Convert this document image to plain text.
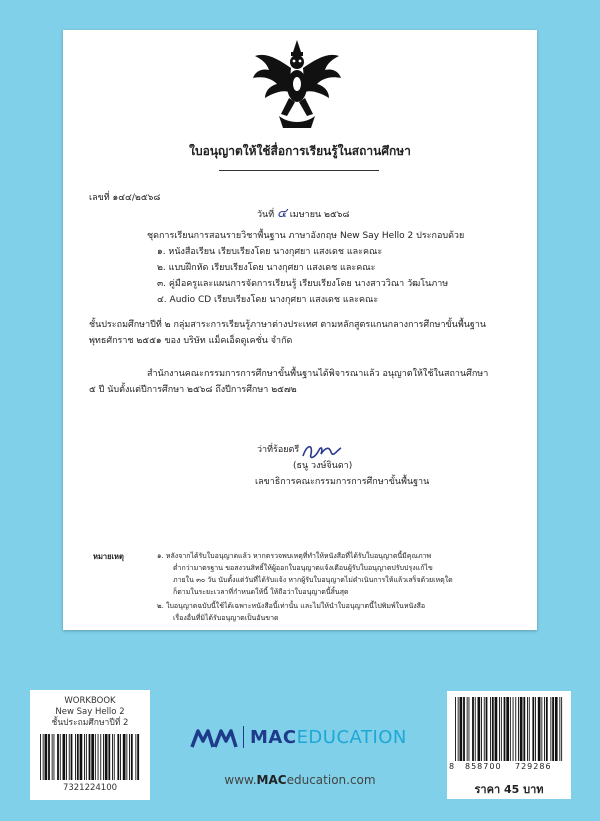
ใบอนุญาตให้ใช้สื่อการเรียนรู้ในสถานศึกษา
เลขที่ ๑๔๔/๒๕๖๘
วันที่ ๔ เมษายน ๒๕๖๘
ชุดการเรียนการสอนรายวิชาพื้นฐาน ภาษาอังกฤษ New Say Hello 2 ประกอบด้วย
๑. หนังสือเรียน เรียบเรียงโดย นางกุศยา แสงเดช และคณะ
๒. แบบฝึกหัด เรียบเรียงโดย นางกุศยา แสงเดช และคณะ
๓. คู่มือครูและแผนการจัดการเรียนรู้ เรียบเรียงโดย นางสาววิณา วัฒโนภาษ
๔. Audio CD เรียบเรียงโดย นางกุศยา แสงเดช และคณะ
ชั้นประถมศึกษาปีที่ ๒ กลุ่มสาระการเรียนรู้ภาษาต่างประเทศ ตามหลักสูตรแกนกลางการศึกษาขั้นพื้นฐาน
พุทธศักราช ๒๕๕๑ ของ บริษัท แม็คเอ็ดดูเคชั่น จำกัด
สำนักงานคณะกรรมการการศึกษาขั้นพื้นฐานได้พิจารณาแล้ว อนุญาตให้ใช้ในสถานศึกษา
๕ ปี นับตั้งแต่ปีการศึกษา ๒๕๖๘ ถึงปีการศึกษา ๒๕๗๒
ว่าที่ร้อยตรี
(ธนู วงษ์จินดา)
เลขาธิการคณะกรรมการการศึกษาขั้นพื้นฐาน
หมายเหตุ	๑. หลังจากได้รับใบอนุญาตแล้ว หากตรวจพบเหตุที่ทำให้หนังสือที่ได้รับใบอนุญาตนี้มีคุณภาพ
ต่ำกว่ามาตรฐาน ขอสงวนสิทธิ์ให้ผู้ออกใบอนุญาตแจ้งเตือนผู้รับใบอนุญาตปรับปรุงแก้ไข
ภายใน ๓๐ วัน นับตั้งแต่วันที่ได้รับแจ้ง หากผู้รับใบอนุญาตไม่ดำเนินการให้แล้วเสร็จด้วยเหตุใด
ก็ตามในระยะเวลาที่กำหนดให้นี้ ให้ถือว่าใบอนุญาตนี้สิ้นสุด
๒. ใบอนุญาตฉบับนี้ใช้ได้เฉพาะหนังสือนี้เท่านั้น และไม่ให้นำใบอนุญาตนี้ไปพิมพ์ในหนังสือ
เรื่องอื่นที่มิได้รับอนุญาตเป็นอันขาด
WORKBOOK
New Say Hello 2
ชั้นประถมศึกษาปีที่ 2
7321224100
MACEDUCATION
www.MACeducation.com
8 858700 729286
ราคา 45 บาท
